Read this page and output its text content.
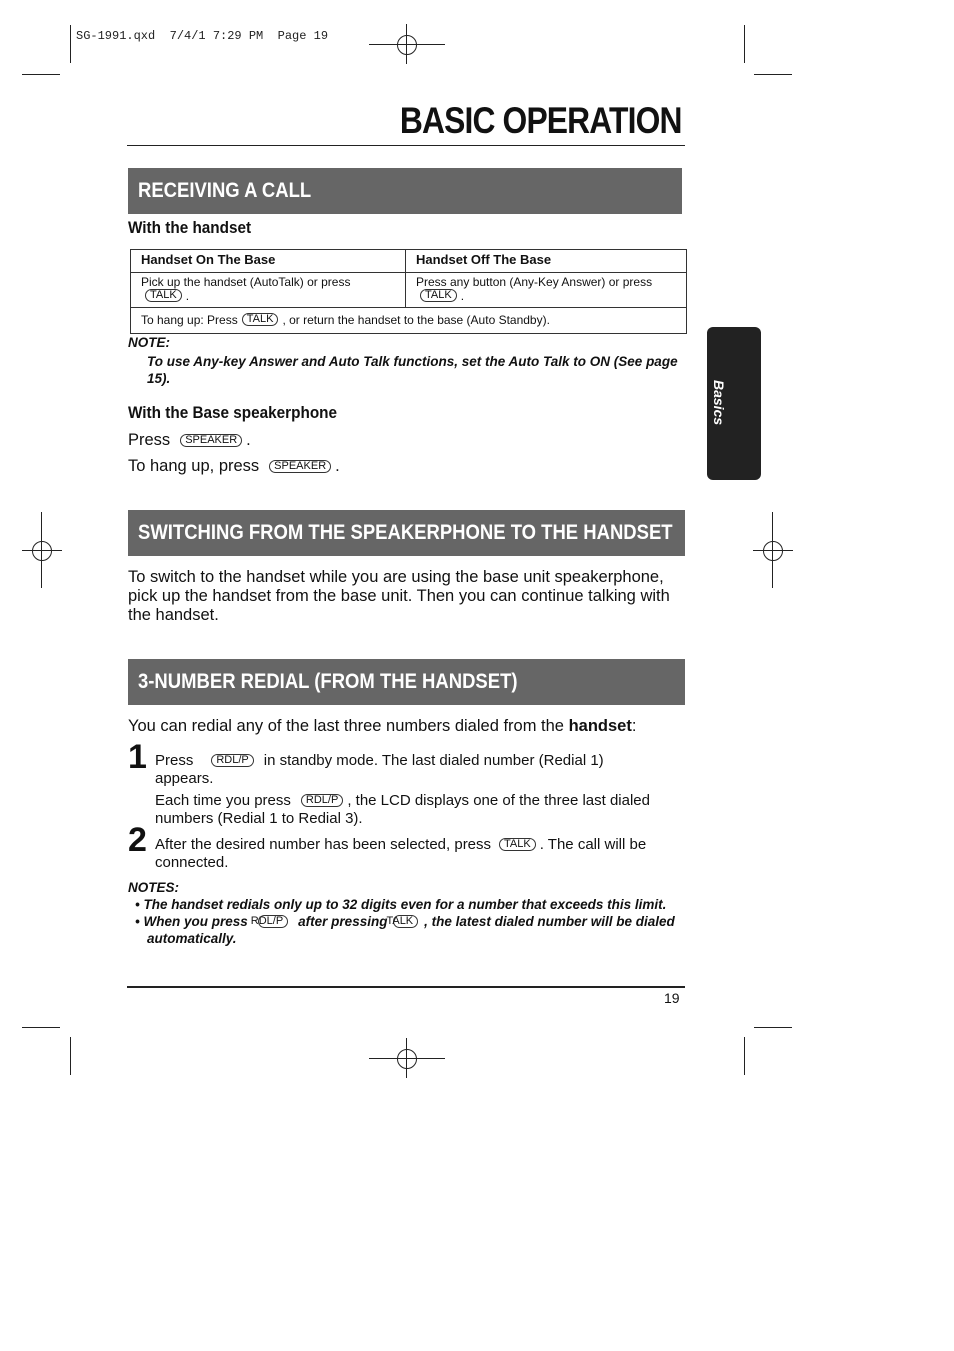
SG-1991.qxd  7/4/1 7:29 PM  Page 19
BASIC OPERATION
Basics
RECEIVING A CALL
With the handset
Handset On The Base	Handset Off The Base
Pick up the handset (AutoTalk) or pressTALK .	Press any button (Any-Key Answer) or press
TALK .
To hang up: Press TALK , or return the handset to the base (Auto Standby).	
NOTE:
To use Any-key Answer and Auto Talk functions, set the Auto Talk to ON (See page 15).
With the Base speakerphone
Press SPEAKER .
To hang up, press SPEAKER .
SWITCHING FROM THE SPEAKERPHONE TO THE HANDSET
To switch to the handset while you are using the base unit speakerphone, pick up the handset from the base unit. Then you can continue talking with the handset.
3-NUMBER REDIAL (FROM THE HANDSET)
You can redial any of the last three numbers dialed from the handset:
1 Press RDL/P in standby mode. The last dialed number (Redial 1) appears.
Each time you press RDL/P , the LCD displays one of the three last dialed numbers (Redial 1 to Redial 3).
2 After the desired number has been selected, press TALK . The call will be connected.
NOTES:
• The handset redials only up to 32 digits even for a number that exceeds this limit.
• When you press RDL/P after pressingTALK , the latest dialed number will be dialed automatically.
19
